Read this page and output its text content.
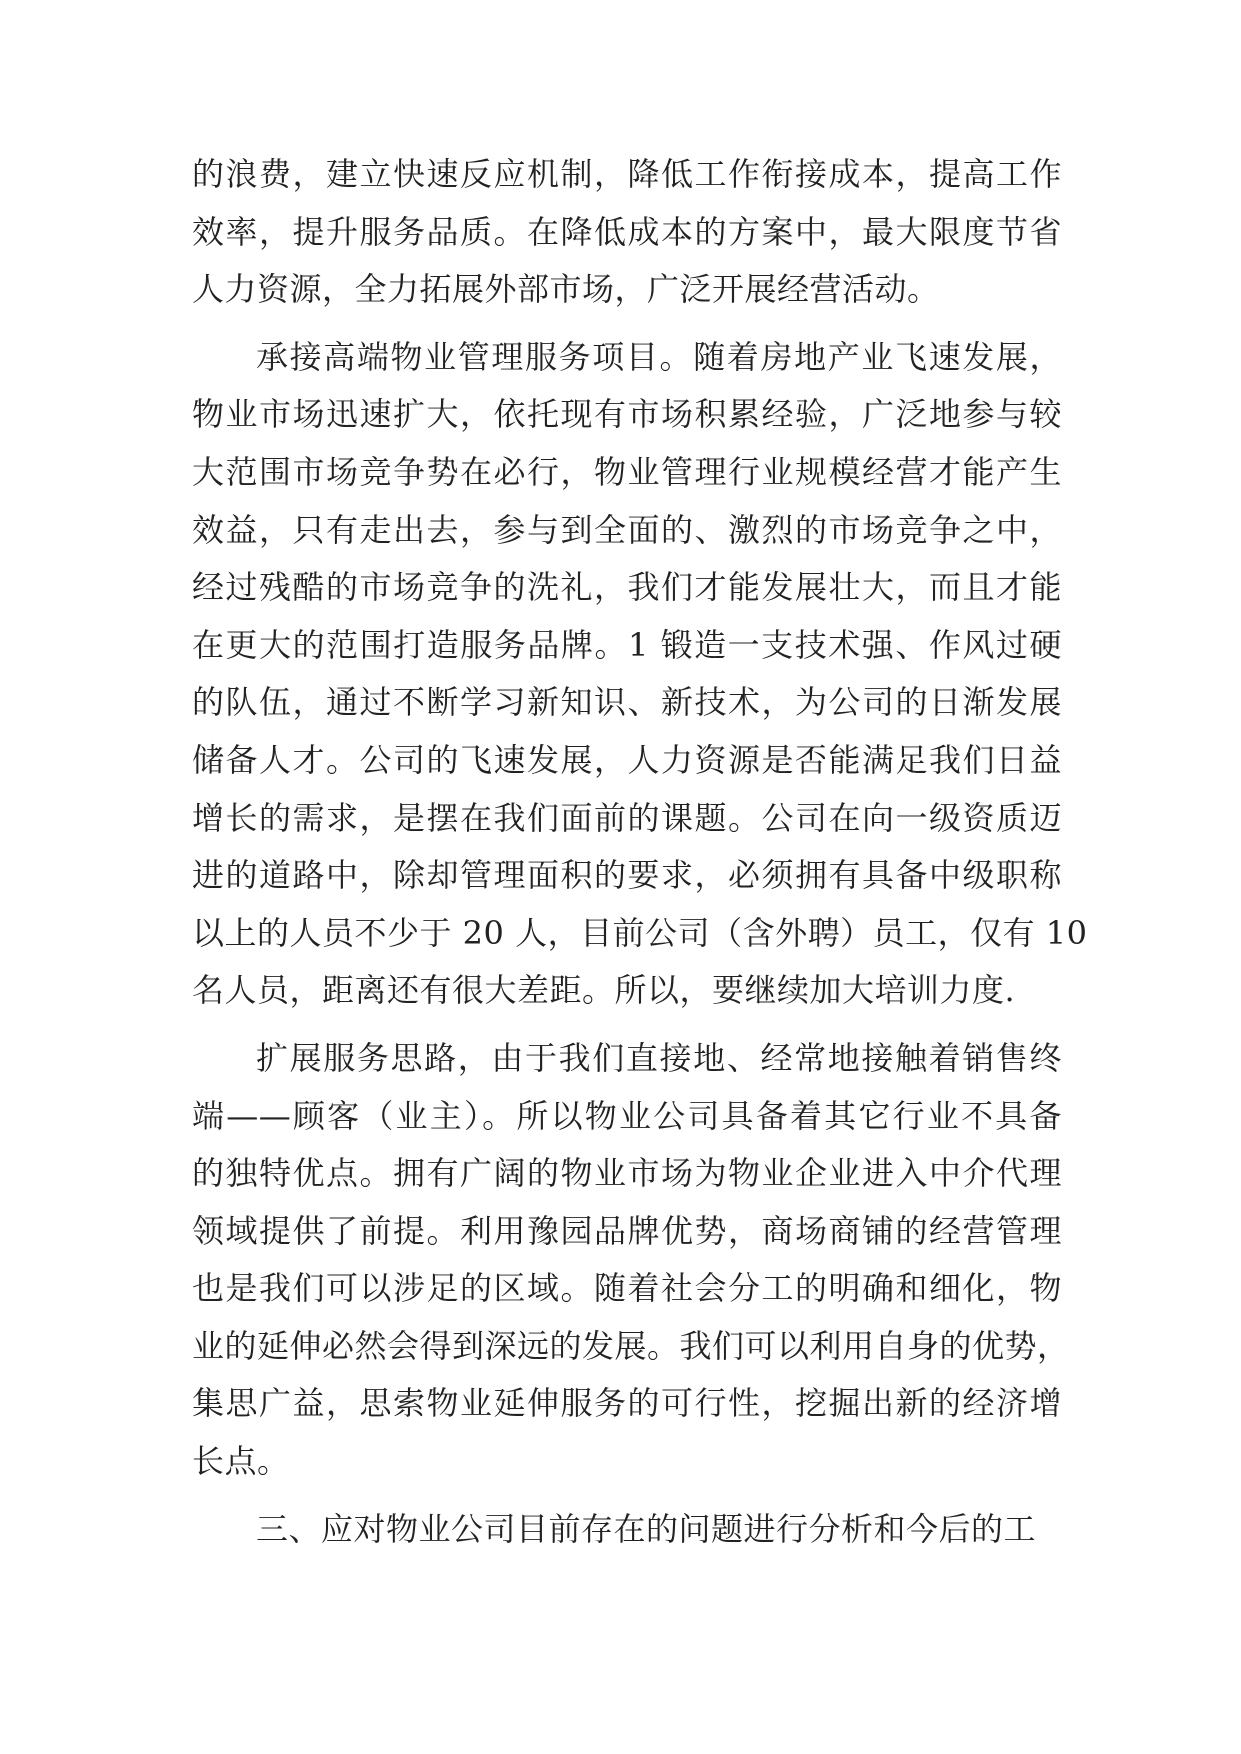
的浪费，建立快速反应机制，降低工作衔接成本，提高工作
效率，提升服务品质。在降低成本的方案中，最大限度节省
人力资源，全力拓展外部市场，广泛开展经营活动。
承接高端物业管理服务项目。随着房地产业飞速发展，
物业市场迅速扩大，依托现有市场积累经验，广泛地参与较
大范围市场竞争势在必行，物业管理行业规模经营才能产生
效益，只有走出去，参与到全面的、激烈的市场竞争之中，
经过残酷的市场竞争的洗礼，我们才能发展壮大，而且才能
在更大的范围打造服务品牌。1 锻造一支技术强、作风过硬
的队伍，通过不断学习新知识、新技术，为公司的日渐发展
储备人才。公司的飞速发展，人力资源是否能满足我们日益
增长的需求，是摆在我们面前的课题。公司在向一级资质迈
进的道路中，除却管理面积的要求，必须拥有具备中级职称
以上的人员不少于 20 人，目前公司（含外聘）员工，仅有 10
名人员，距离还有很大差距。所以，要继续加大培训力度.
扩展服务思路，由于我们直接地、经常地接触着销售终
端——顾客（业主）。所以物业公司具备着其它行业不具备
的独特优点。拥有广阔的物业市场为物业企业进入中介代理
领域提供了前提。利用豫园品牌优势，商场商铺的经营管理
也是我们可以涉足的区域。随着社会分工的明确和细化，物
业的延伸必然会得到深远的发展。我们可以利用自身的优势，
集思广益，思索物业延伸服务的可行性，挖掘出新的经济增
长点。
三、应对物业公司目前存在的问题进行分析和今后的工
